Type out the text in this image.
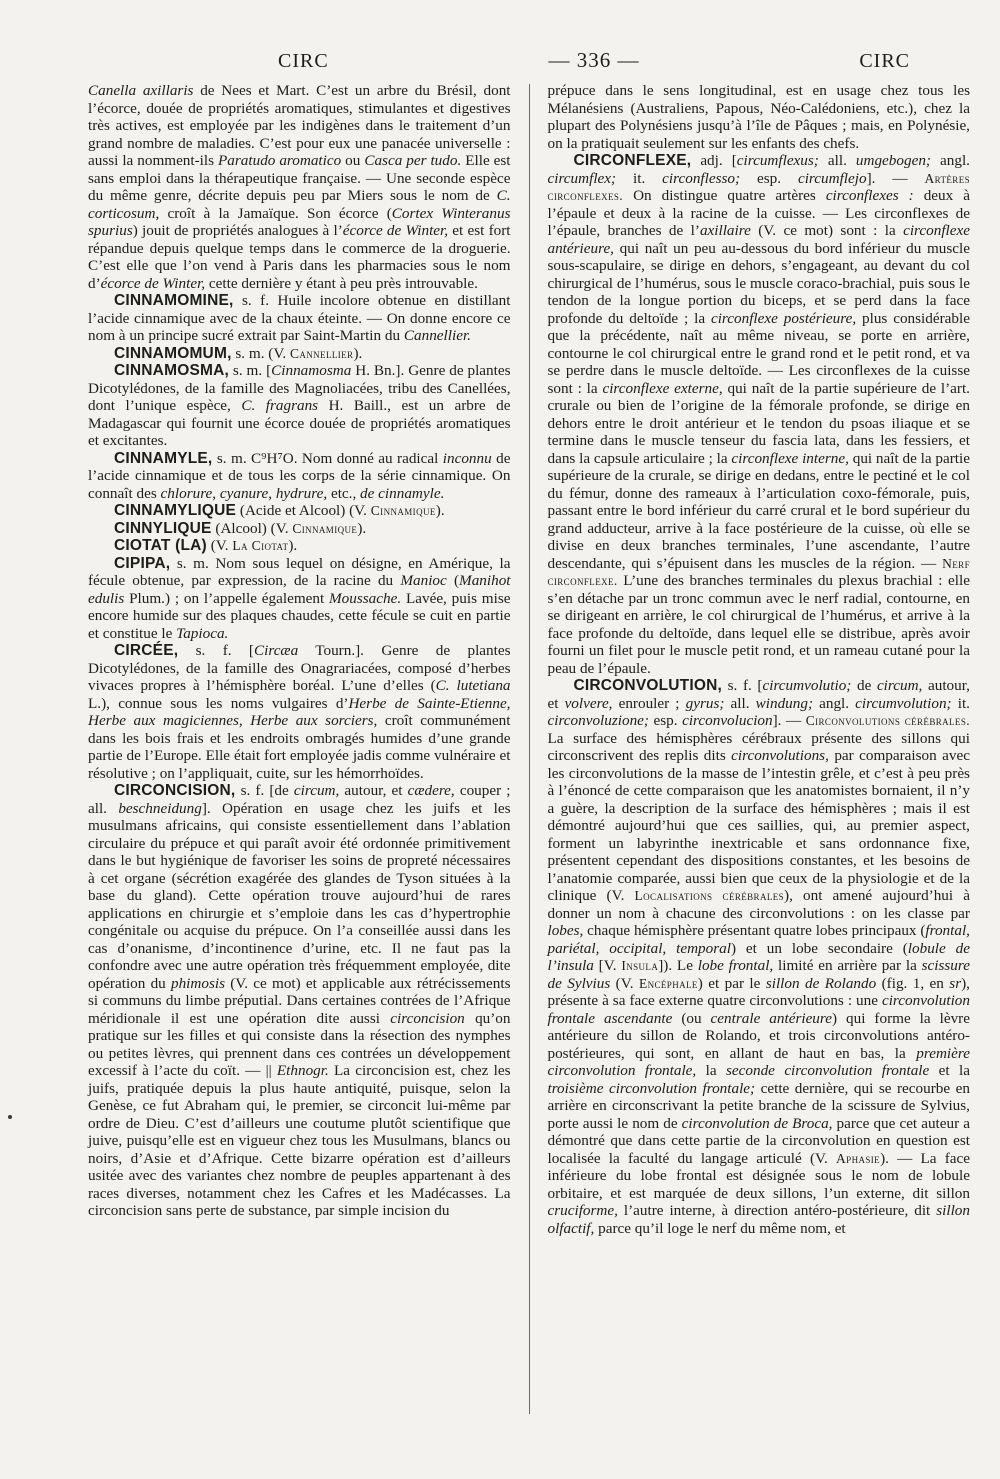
CIRC	— 336 —	CIRC

Canella axillaris de Nees et Mart. C’est un arbre du Brésil, dont l’écorce, douée de propriétés aromatiques, stimulantes et digestives très actives, est employée par les indigènes dans le traitement d’un grand nombre de maladies. C’est pour eux une panacée universelle : aussi la nomment-ils Paratudo aromatico ou Casca per tudo. Elle est sans emploi dans la thérapeutique française. — Une seconde espèce du même genre, décrite depuis peu par Miers sous le nom de C. corticosum, croît à la Jamaïque. Son écorce (Cortex Winteranus spurius) jouit de propriétés analogues à l’écorce de Winter, et est fort répandue depuis quelque temps dans le commerce de la droguerie. C’est elle que l’on vend à Paris dans les pharmacies sous le nom d’écorce de Winter, cette dernière y étant à peu près introuvable.

CINNAMOMINE, s. f. Huile incolore obtenue en distillant l’acide cinnamique avec de la chaux éteinte. — On donne encore ce nom à un principe sucré extrait par Saint-Martin du Cannellier.

CINNAMOMUM, s. m. (V. Cannellier).

CINNAMOSMA, s. m. [Cinnamosma H. Bn.]. Genre de plantes Dicotylédones, de la famille des Magnoliacées, tribu des Canellées, dont l’unique espèce, C. fragrans H. Baill., est un arbre de Madagascar qui fournit une écorce douée de propriétés aromatiques et excitantes.

CINNAMYLE, s. m. C⁹H⁷O. Nom donné au radical inconnu de l’acide cinnamique et de tous les corps de la série cinnamique. On connaît des chlorure, cyanure, hydrure, etc., de cinnamyle.

CINNAMYLIQUE (Acide et Alcool) (V. Cinnamique).

CINNYLIQUE (Alcool) (V. Cinnamique).

CIOTAT (LA) (V. La Ciotat).

CIPIPA, s. m. Nom sous lequel on désigne, en Amérique, la fécule obtenue, par expression, de la racine du Manioc (Manihot edulis Plum.) ; on l’appelle également Moussache. Lavée, puis mise encore humide sur des plaques chaudes, cette fécule se cuit en partie et constitue le Tapioca.

CIRCÉE, s. f. [Circæa Tourn.]. Genre de plantes Dicotylédones, de la famille des Onagrariacées, composé d’herbes vivaces propres à l’hémisphère boréal. L’une d’elles (C. lutetiana L.), connue sous les noms vulgaires d’Herbe de Sainte-Etienne, Herbe aux magiciennes, Herbe aux sorciers, croît communément dans les bois frais et les endroits ombragés humides d’une grande partie de l’Europe. Elle était fort employée jadis comme vulnéraire et résolutive ; on l’appliquait, cuite, sur les hémorrhoïdes.

CIRCONCISION, s. f. [de circum, autour, et cædere, couper ; all. beschneidung]. Opération en usage chez les juifs et les musulmans africains, qui consiste essentiellement dans l’ablation circulaire du prépuce et qui paraît avoir été ordonnée primitivement dans le but hygiénique de favoriser les soins de propreté nécessaires à cet organe (sécrétion exagérée des glandes de Tyson situées à la base du gland). Cette opération trouve aujourd’hui de rares applications en chirurgie et s’emploie dans les cas d’hypertrophie congénitale ou acquise du prépuce. On l’a conseillée aussi dans les cas d’onanisme, d’incontinence d’urine, etc. Il ne faut pas la confondre avec une autre opération très fréquemment employée, dite opération du phimosis (V. ce mot) et applicable aux rétrécissements si communs du limbe préputial. Dans certaines contrées de l’Afrique méridionale il est une opération dite aussi circoncision qu’on pratique sur les filles et qui consiste dans la résection des nymphes ou petites lèvres, qui prennent dans ces contrées un développement excessif à l’acte du coït. — || Ethnogr. La circoncision est, chez les juifs, pratiquée depuis la plus haute antiquité, puisque, selon la Genèse, ce fut Abraham qui, le premier, se circoncit lui-même par ordre de Dieu. C’est d’ailleurs une coutume plutôt scientifique que juive, puisqu’elle est en vigueur chez tous les Musulmans, blancs ou noirs, d’Asie et d’Afrique. Cette bizarre opération est d’ailleurs usitée avec des variantes chez nombre de peuples appartenant à des races diverses, notamment chez les Cafres et les Madécasses. La circoncision sans perte de substance, par simple incision du

prépuce dans le sens longitudinal, est en usage chez tous les Mélanésiens (Australiens, Papous, Néo-Calédoniens, etc.), chez la plupart des Polynésiens jusqu’à l’île de Pâques ; mais, en Polynésie, on la pratiquait seulement sur les enfants des chefs.

CIRCONFLEXE, adj. [circumflexus; all. umgebogen; angl. circumflex; it. circonflesso; esp. circumflejo]. — Artères circonflexes. On distingue quatre artères circonflexes : deux à l’épaule et deux à la racine de la cuisse. — Les circonflexes de l’épaule, branches de l’axillaire (V. ce mot) sont : la circonflexe antérieure, qui naît un peu au-dessous du bord inférieur du muscle sous-scapulaire, se dirige en dehors, s’engageant, au devant du col chirurgical de l’humérus, sous le muscle coraco-brachial, puis sous le tendon de la longue portion du biceps, et se perd dans la face profonde du deltoïde ; la circonflexe postérieure, plus considérable que la précédente, naît au même niveau, se porte en arrière, contourne le col chirurgical entre le grand rond et le petit rond, et va se perdre dans le muscle deltoïde. — Les circonflexes de la cuisse sont : la circonflexe externe, qui naît de la partie supérieure de l’art. crurale ou bien de l’origine de la fémorale profonde, se dirige en dehors entre le droit antérieur et le tendon du psoas iliaque et se termine dans le muscle tenseur du fascia lata, dans les fessiers, et dans la capsule articulaire ; la circonflexe interne, qui naît de la partie supérieure de la crurale, se dirige en dedans, entre le pectiné et le col du fémur, donne des rameaux à l’articulation coxo-fémorale, puis, passant entre le bord inférieur du carré crural et le bord supérieur du grand adducteur, arrive à la face postérieure de la cuisse, où elle se divise en deux branches terminales, l’une ascendante, l’autre descendante, qui s’épuisent dans les muscles de la région. — Nerf circonflexe. L’une des branches terminales du plexus brachial : elle s’en détache par un tronc commun avec le nerf radial, contourne, en se dirigeant en arrière, le col chirurgical de l’humérus, et arrive à la face profonde du deltoïde, dans lequel elle se distribue, après avoir fourni un filet pour le muscle petit rond, et un rameau cutané pour la peau de l’épaule.

CIRCONVOLUTION, s. f. [circumvolutio; de circum, autour, et volvere, enrouler ; gyrus; all. windung; angl. circumvolution; it. circonvoluzione; esp. circonvolucion]. — Circonvolutions cérébrales. La surface des hémisphères cérébraux présente des sillons qui circonscrivent des replis dits circonvolutions, par comparaison avec les circonvolutions de la masse de l’intestin grêle, et c’est à peu près à l’énoncé de cette comparaison que les anatomistes bornaient, il n’y a guère, la description de la surface des hémisphères ; mais il est démontré aujourd’hui que ces saillies, qui, au premier aspect, forment un labyrinthe inextricable et sans ordonnance fixe, présentent cependant des dispositions constantes, et les besoins de l’anatomie comparée, aussi bien que ceux de la physiologie et de la clinique (V. Localisations cérébrales), ont amené aujourd’hui à donner un nom à chacune des circonvolutions : on les classe par lobes, chaque hémisphère présentant quatre lobes principaux (frontal, pariétal, occipital, temporal) et un lobe secondaire (lobule de l’insula [V. Insula]). Le lobe frontal, limité en arrière par la scissure de Sylvius (V. Encéphale) et par le sillon de Rolando (fig. 1, en sr), présente à sa face externe quatre circonvolutions : une circonvolution frontale ascendante (ou centrale antérieure) qui forme la lèvre antérieure du sillon de Rolando, et trois circonvolutions antéro-postérieures, qui sont, en allant de haut en bas, la première circonvolution frontale, la seconde circonvolution frontale et la troisième circonvolution frontale; cette dernière, qui se recourbe en arrière en circonscrivant la petite branche de la scissure de Sylvius, porte aussi le nom de circonvolution de Broca, parce que cet auteur a démontré que dans cette partie de la circonvolution en question est localisée la faculté du langage articulé (V. Aphasie). — La face inférieure du lobe frontal est désignée sous le nom de lobule orbitaire, et est marquée de deux sillons, l’un externe, dit sillon cruciforme, l’autre interne, à direction antéro-postérieure, dit sillon olfactif, parce qu’il loge le nerf du même nom, et
